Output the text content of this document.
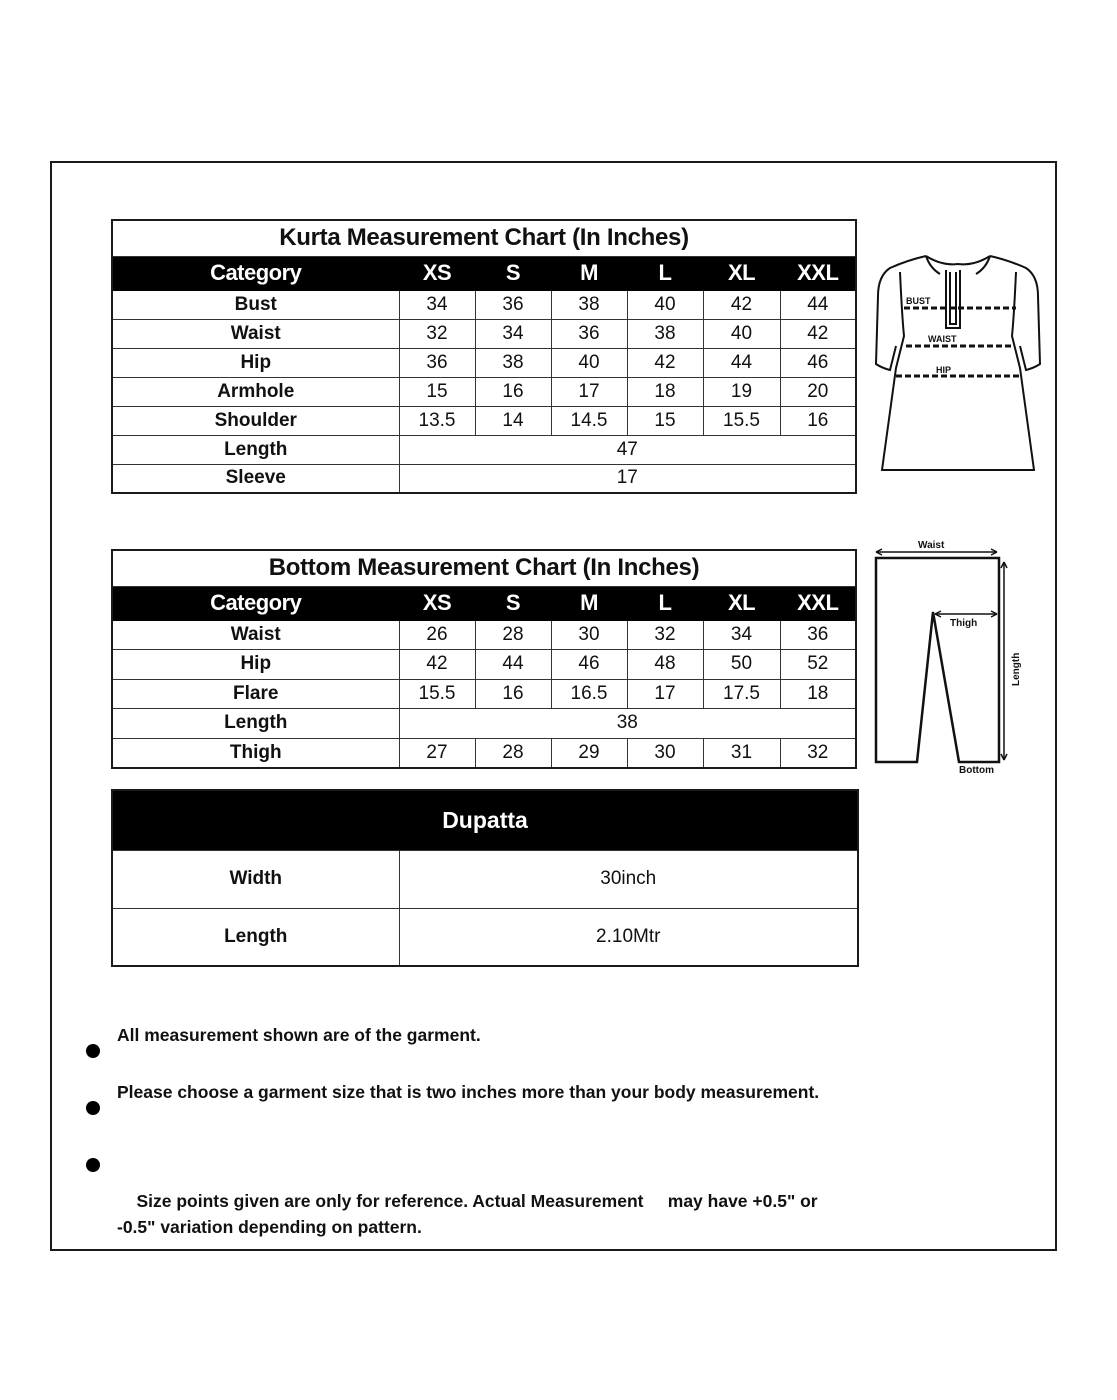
Kurta Measurement Chart (In Inches)						
Category	XS	S	M	L	XL	XXL
Bust	34	36	38	40	42	44
Waist	32	34	36	38	40	42
Hip	36	38	40	42	44	46
Armhole	15	16	17	18	19	20
Shoulder	13.5	14	14.5	15	15.5	16
Length	47					
Sleeve	17					
BUST
WAIST
HIP
Bottom Measurement Chart (In Inches)						
Category	XS	S	M	L	XL	XXL
Waist	26	28	30	32	34	36
Hip	42	44	46	48	50	52
Flare	15.5	16	16.5	17	17.5	18
Length	38					
Thigh	27	28	29	30	31	32
Waist
Thigh
Length
Bottom
Dupatta	
Width	30inch
Length	2.10Mtr
All measurement shown are of the garment.
Please choose a garment size that is two inches more than your body measurement.

Size points given are only for reference. Actual Measurement     may have +0.5" or -0.5" variation depending on pattern.
